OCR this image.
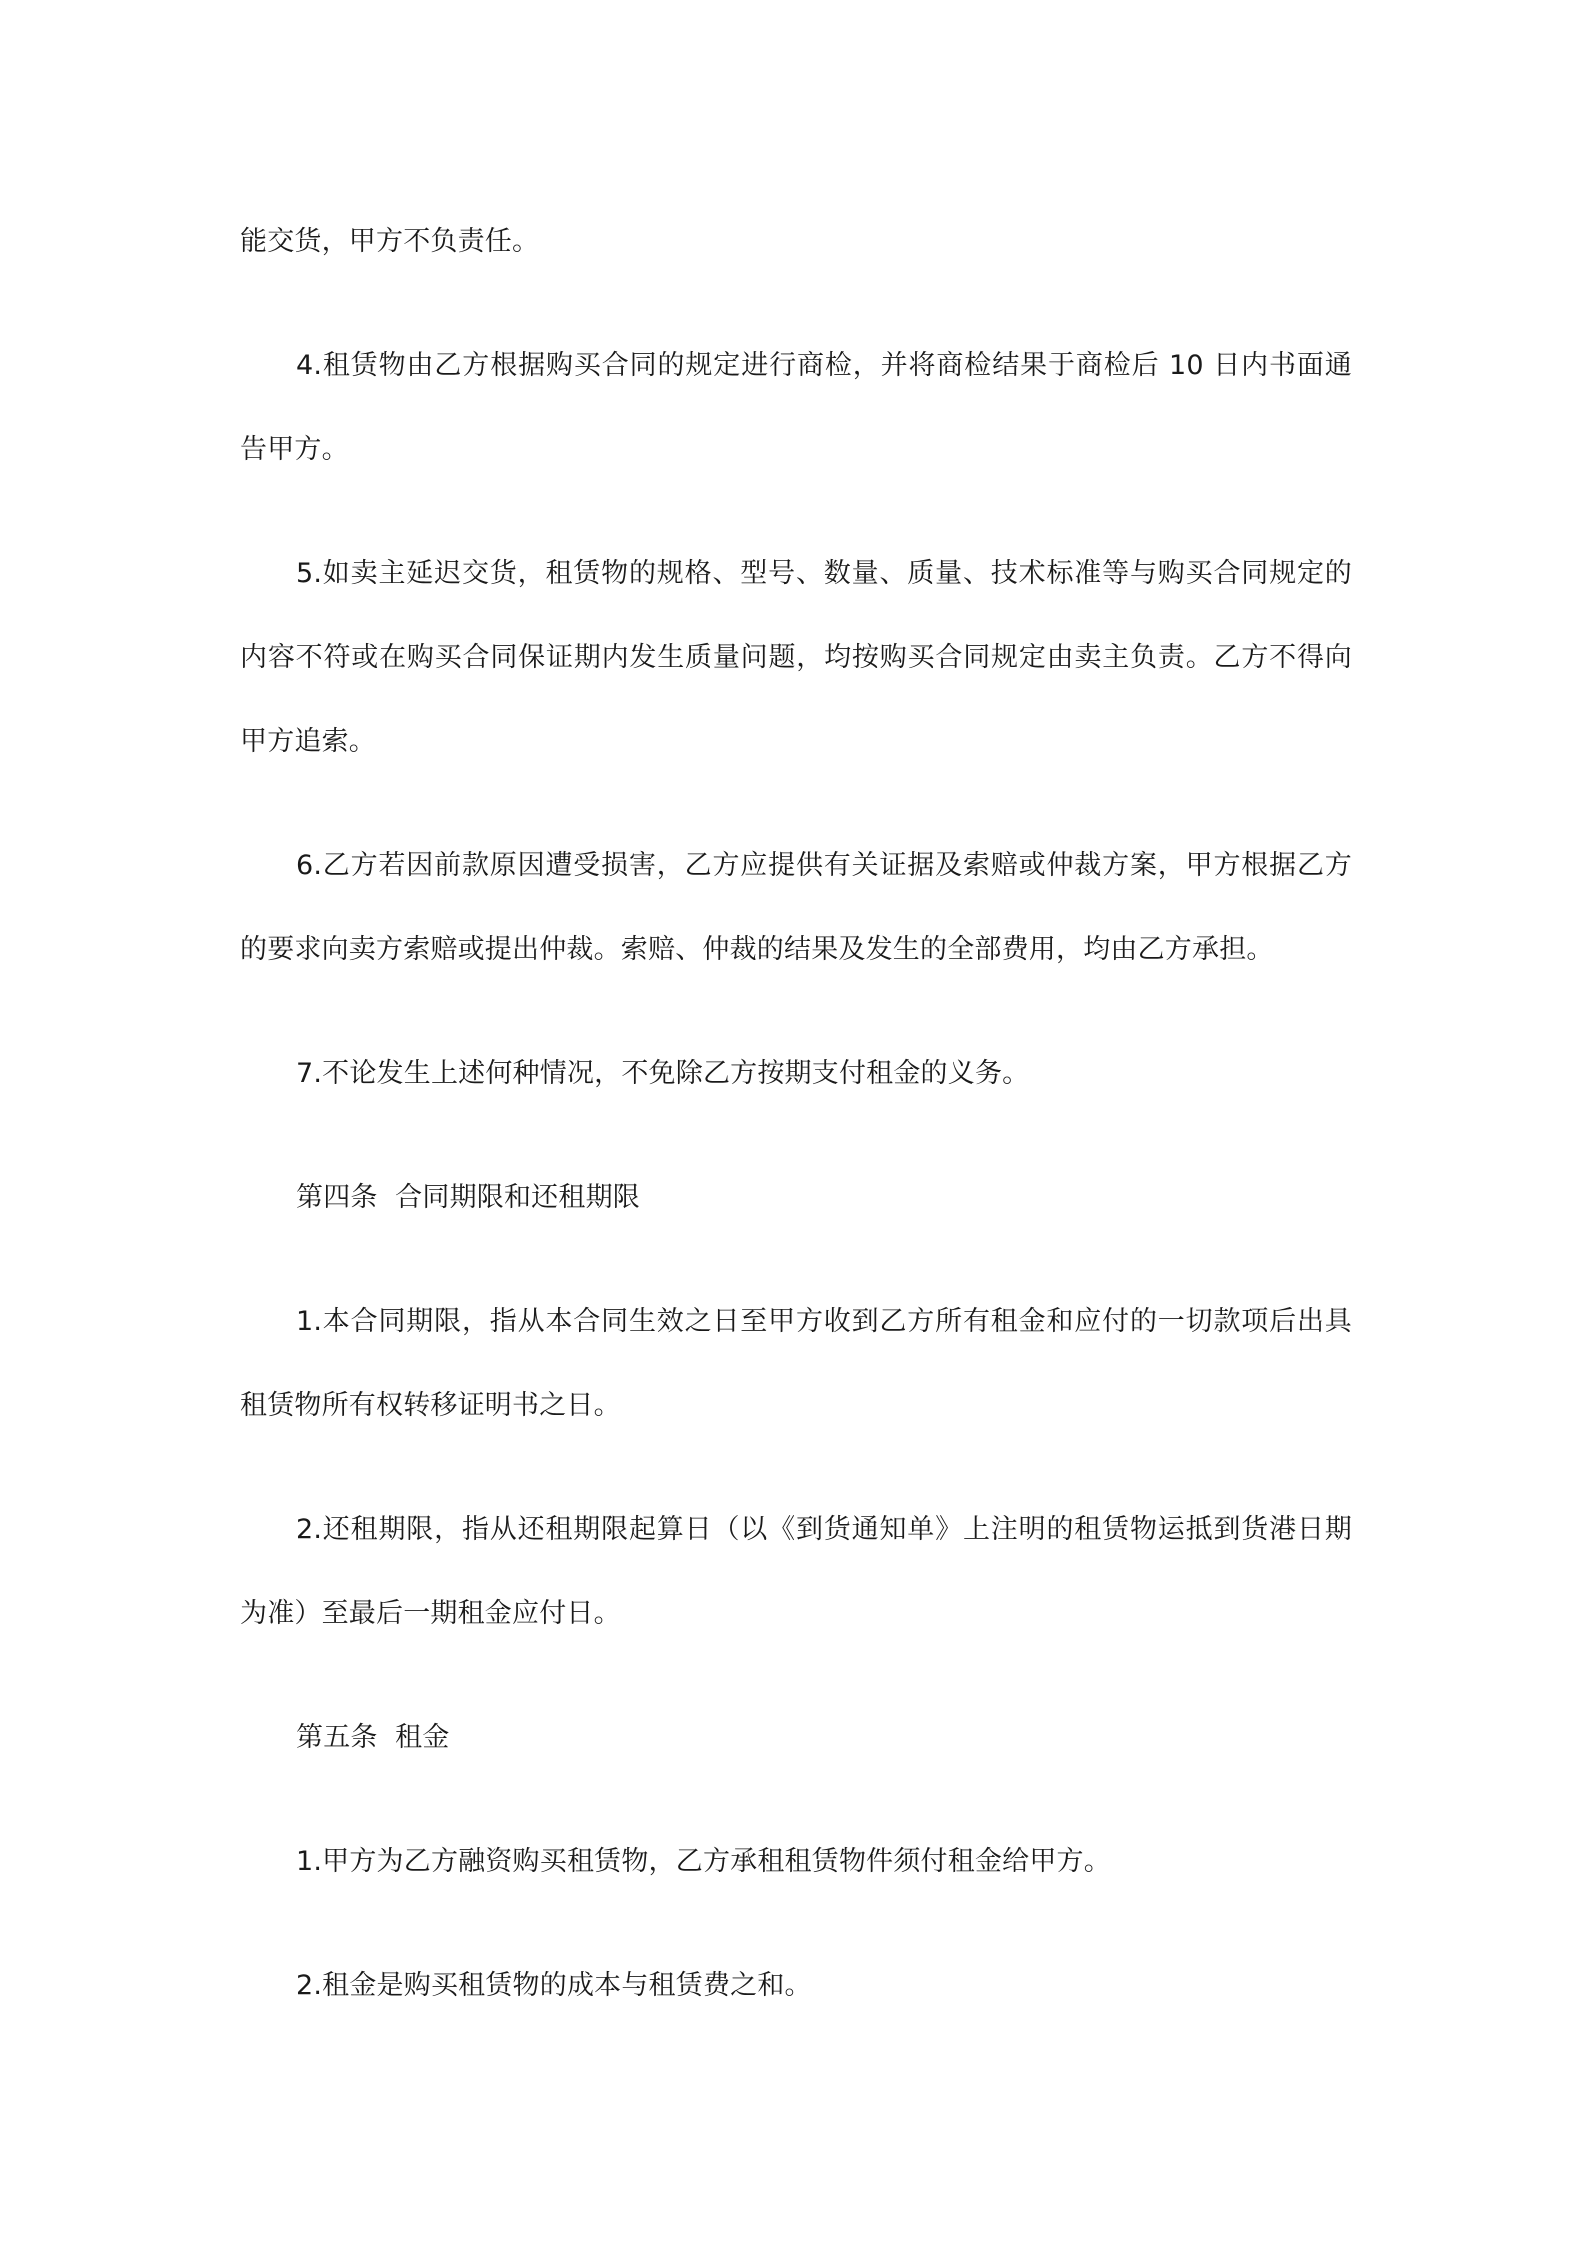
能交货，甲方不负责任。

4.租赁物由乙方根据购买合同的规定进行商检，并将商检结果于商检后 10 日内书面通告甲方。

5.如卖主延迟交货，租赁物的规格、型号、数量、质量、技术标准等与购买合同规定的内容不符或在购买合同保证期内发生质量问题，均按购买合同规定由卖主负责。乙方不得向甲方追索。

6.乙方若因前款原因遭受损害，乙方应提供有关证据及索赔或仲裁方案，甲方根据乙方的要求向卖方索赔或提出仲裁。索赔、仲裁的结果及发生的全部费用，均由乙方承担。

7.不论发生上述何种情况，不免除乙方按期支付租金的义务。

第四条  合同期限和还租期限

1.本合同期限，指从本合同生效之日至甲方收到乙方所有租金和应付的一切款项后出具租赁物所有权转移证明书之日。

2.还租期限，指从还租期限起算日（以《到货通知单》上注明的租赁物运抵到货港日期为准）至最后一期租金应付日。

第五条  租金

1.甲方为乙方融资购买租赁物，乙方承租租赁物件须付租金给甲方。

2.租金是购买租赁物的成本与租赁费之和。
